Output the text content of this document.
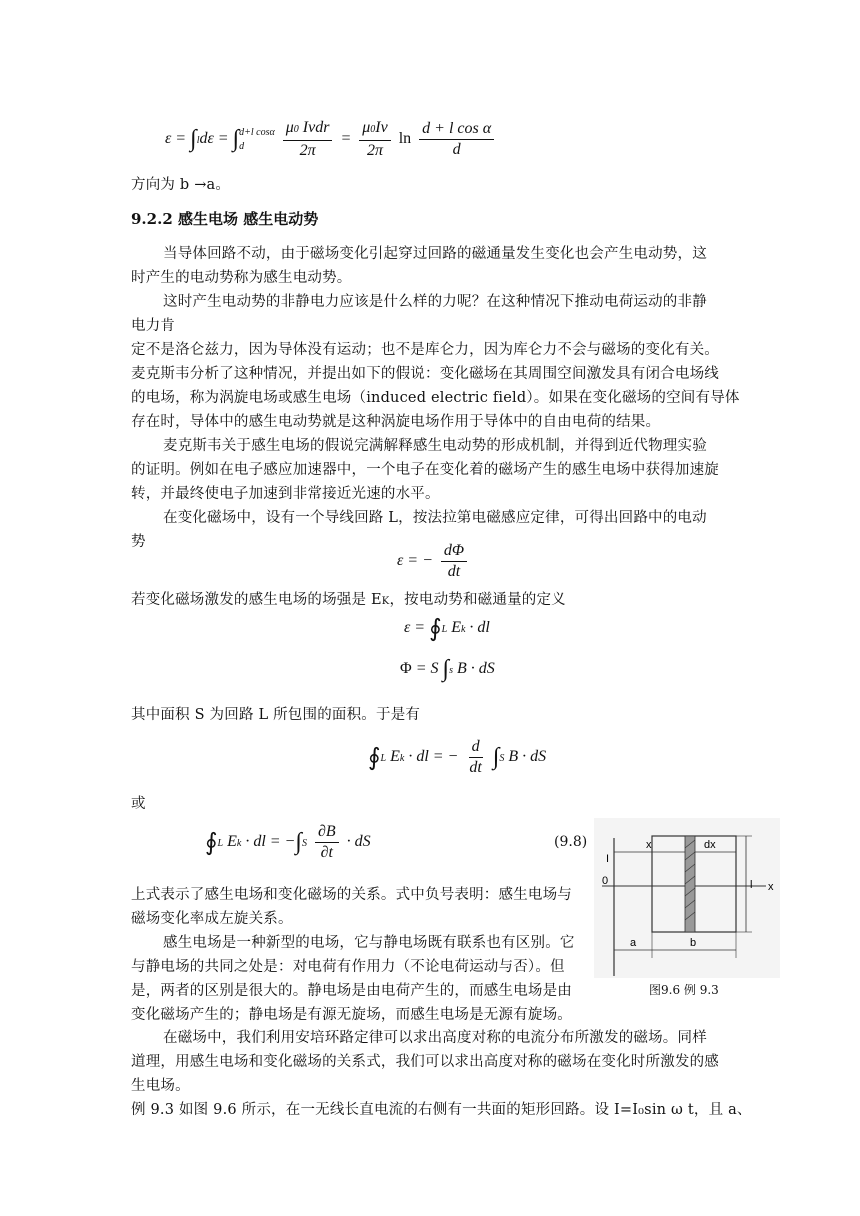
ε = ∫ldε = ∫d+l cosα
d $\frac{\text{μ0 Ivdr}}{2\pi} = \frac{\mu 0Iv}{2\pi}$ $\ln \frac{\text{d + l cos α}}{d}$
方向为 b →a。
9.2.2 感生电场 感生电动势
当导体回路不动，由于磁场变化引起穿过回路的磁通量发生变化也会产生电动势，这
时产生的电动势称为感生电动势。
这时产生电动势的非静电力应该是什么样的力呢？在这种情况下推动电荷运动的非静
电力肯
定不是洛仑兹力，因为导体没有运动；也不是库仑力，因为库仑力不会与磁场的变化有关。
麦克斯韦分析了这种情况，并提出如下的假说：变化磁场在其周围空间激发具有闭合电场线
的电场，称为涡旋电场或感生电场（induced electric field）。如果在变化磁场的空间有导体
存在时，导体中的感生电动势就是这种涡旋电场作用于导体中的自由电荷的结果。
麦克斯韦关于感生电场的假说完满解释感生电动势的形成机制，并得到近代物理实验
的证明。例如在电子感应加速器中，一个电子在变化着的磁场产生的感生电场中获得加速旋
转，并最终使电子加速到非常接近光速的水平。
在变化磁场中，设有一个导线回路 L，按法拉第电磁感应定律，可得出回路中的电动
势
ε = − $\frac{d\Phi}{dt}$
若变化磁场激发的感生电场的场强是 EK，按电动势和磁通量的定义
ε = ∮L Ek · dl
Φ = S ∫s B · dS
其中面积 S 为回路 L 所包围的面积。于是有
∮L Ek · dl = − $\frac{d}{dt} \int S$ B · dS
或
∮L Ek · dl = $-\int S \frac{\partial B}{\partial t}$ · dS	(9.8)
上式表示了感生电场和变化磁场的关系。式中负号表明：感生电场与
磁场变化率成左旋关系。
感生电场是一种新型的电场，它与静电场既有联系也有区别。它
与静电场的共同之处是：对电荷有作用力（不论电荷运动与否）。但
是，两者的区别是很大的。静电场是由电荷产生的，而感生电场是由
变化磁场产生的；静电场是有源无旋场，而感生电场是无源有旋场。
在磁场中，我们利用安培环路定律可以求出高度对称的电流分布所激发的磁场。同样
道理，用感生电场和变化磁场的关系式，我们可以求出高度对称的磁场在变化时所激发的感
生电场。
例 9.3 如图 9.6 所示，在一无线长直电流的右侧有一共面的矩形回路。设 I=I₀sin ω t，且 a、
I
x	dx
0	x
a	b
l
图9.6 例 9.3
